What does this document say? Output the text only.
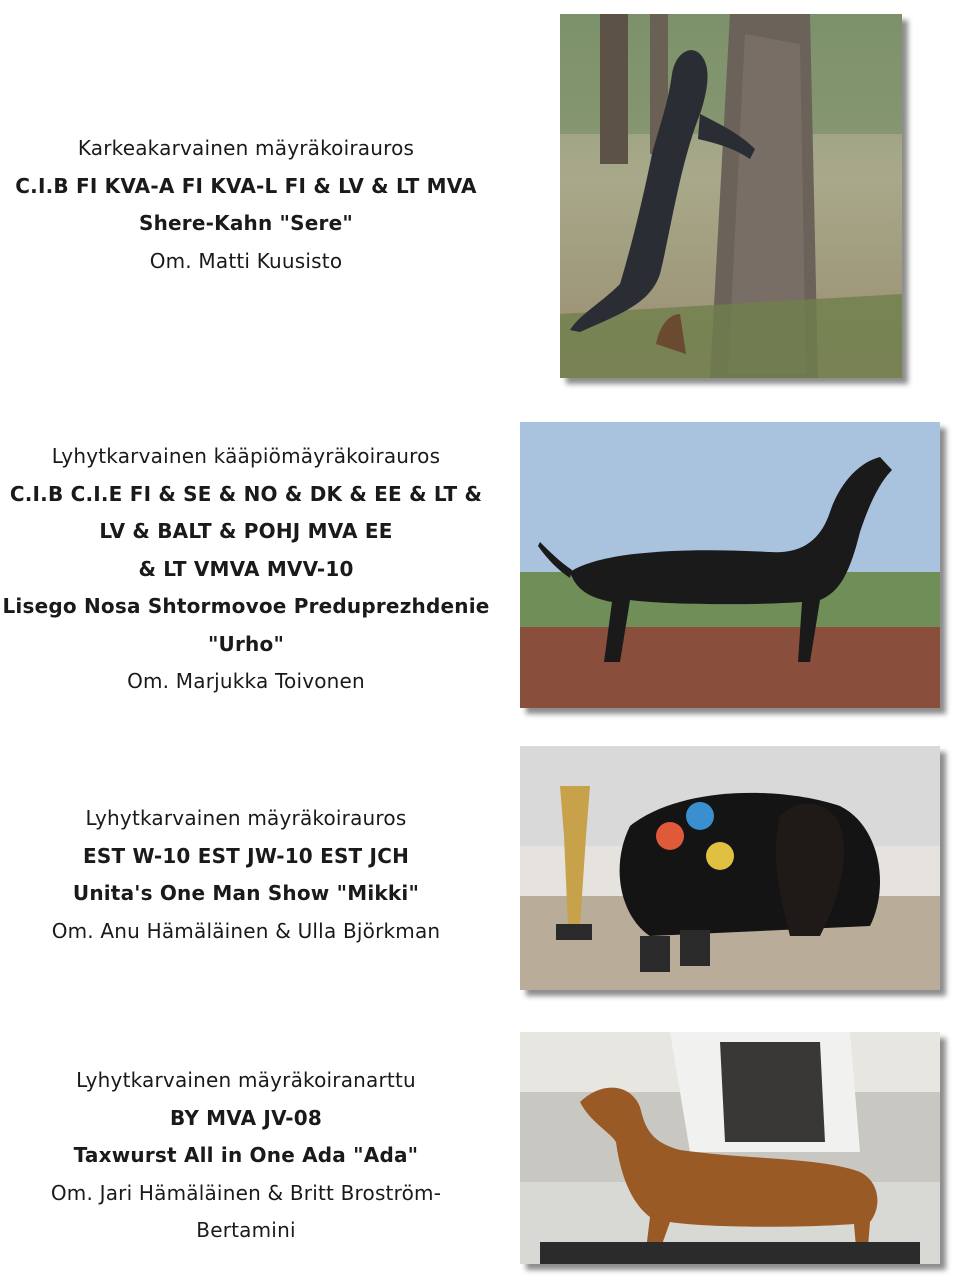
Karkeakarvainen mäyräkoirauros
C.I.B FI KVA-A FI KVA-L FI & LV & LT MVA
Shere-Kahn "Sere"
Om. Matti Kuusisto
Lyhytkarvainen kääpiömäyräkoirauros
C.I.B C.I.E FI & SE & NO & DK & EE & LT &
LV & BALT & POHJ MVA EE
& LT VMVA MVV-10
Lisego Nosa Shtormovoe Preduprezhdenie
"Urho"
Om. Marjukka Toivonen
Lyhytkarvainen mäyräkoirauros
EST W-10 EST JW-10 EST JCH
Unita's One Man Show "Mikki"
Om. Anu Hämäläinen & Ulla Björkman
Lyhytkarvainen mäyräkoiranarttu
BY MVA JV-08
Taxwurst All in One Ada "Ada"
Om. Jari Hämäläinen & Britt Broström-
Bertamini
